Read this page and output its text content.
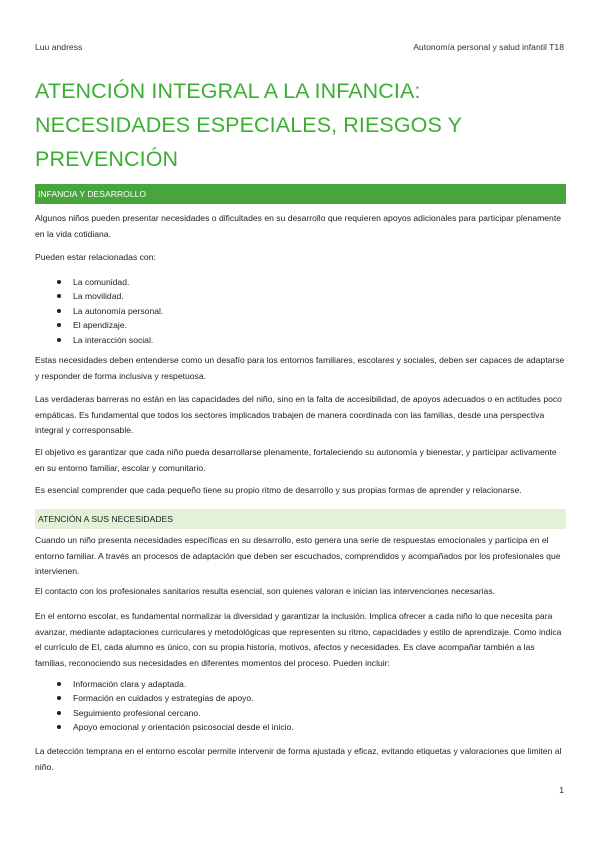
Luu andress	Autonomía personal y salud infantil T18
ATENCIÓN INTEGRAL A LA INFANCIA: NECESIDADES ESPECIALES, RIESGOS Y PREVENCIÓN
INFANCIA Y DESARROLLO
Algunos niños pueden presentar necesidades o dificultades en su desarrollo que requieren apoyos adicionales para participar plenamente en la vida cotidiana.
Pueden estar relacionadas con:
La comunidad.
La movilidad.
La autonomía personal.
El apendizaje.
La interacción social.
Estas necesidades deben entenderse como un desafío para los entornos familiares, escolares y sociales, deben ser capaces de adaptarse y responder de forma inclusiva y respetuosa.
Las verdaderas barreras no están en las capacidades del niño, sino en la falta de accesibilidad, de apoyos adecuados o en actitudes poco empáticas. Es fundamental que todos los sectores implicados trabajen de manera coordinada con las familias, desde una perspectiva integral y corresponsable.
El objetivo es garantizar que cada niño pueda desarrollarse plenamente, fortaleciendo su autonomía y bienestar, y participar activamente en su entorno familiar, escolar y comunitario.
Es esencial comprender que cada pequeño tiene su propio ritmo de desarrollo y sus propias formas de aprender y relacionarse.
ATENCIÓN A SUS NECESIDADES
Cuando un niño presenta necesidades específicas en su desarrollo, esto genera una serie de respuestas emocionales y participa en el entorno familiar. A través an procesos de adaptación que deben ser escuchados, comprendidos y acompañados por los profesionales que intervienen.
El contacto con los profesionales sanitarios resulta esencial, son quienes valoran e inician las intervenciones necesarias.
En el entorno escolar, es fundamental normalizar la diversidad y garantizar la inclusión. Implica ofrecer a cada niño lo que necesita para avanzar, mediante adaptaciones curriculares y metodológicas que representen su ritmo, capacidades y estilo de aprendizaje. Como indica el currículo de EI, cada alumno es único, con su propia historia, motivos, afectos y necesidades. Es clave acompañar también a las familias, reconociendo sus necesidades en diferentes momentos del proceso. Pueden incluir:
Información clara y adaptada.
Formación en cuidados y estrategias de apoyo.
Seguimiento profesional cercano.
Apoyo emocional y orientación psicosocial desde el inicio.
La detección temprana en el entorno escolar permite intervenir de forma ajustada y eficaz, evitando etiquetas y valoraciones que limiten al niño.
1
